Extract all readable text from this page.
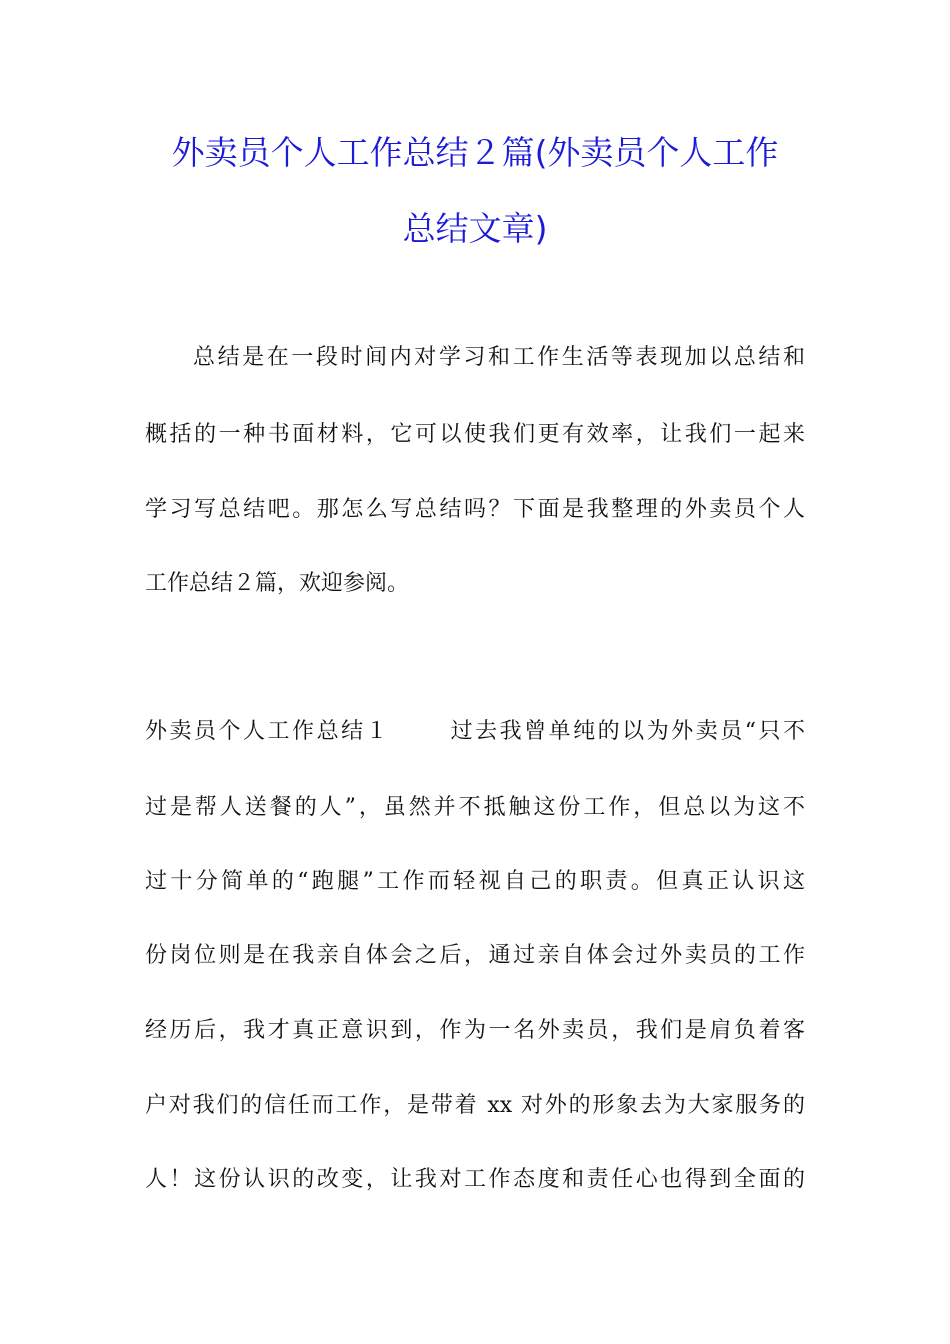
外卖员个人工作总结２篇(外卖员个人工作
总结文章)

总结是在一段时间内对学习和工作生活等表现加以总结和

概括的一种书面材料，它可以使我们更有效率，让我们一起来

学习写总结吧。那怎么写总结吗？下面是我整理的外卖员个人

工作总结２篇，欢迎参阅。

外卖员个人工作总结１	过去我曾单纯的以为外卖员“只不

过是帮人送餐的人”，虽然并不抵触这份工作，但总以为这不

过十分简单的“跑腿”工作而轻视自己的职责。但真正认识这

份岗位则是在我亲自体会之后，通过亲自体会过外卖员的工作

经历后，我才真正意识到，作为一名外卖员，我们是肩负着客

户对我们的信任而工作，是带着 xx 对外的形象去为大家服务的

人！这份认识的改变，让我对工作态度和责任心也得到全面的
